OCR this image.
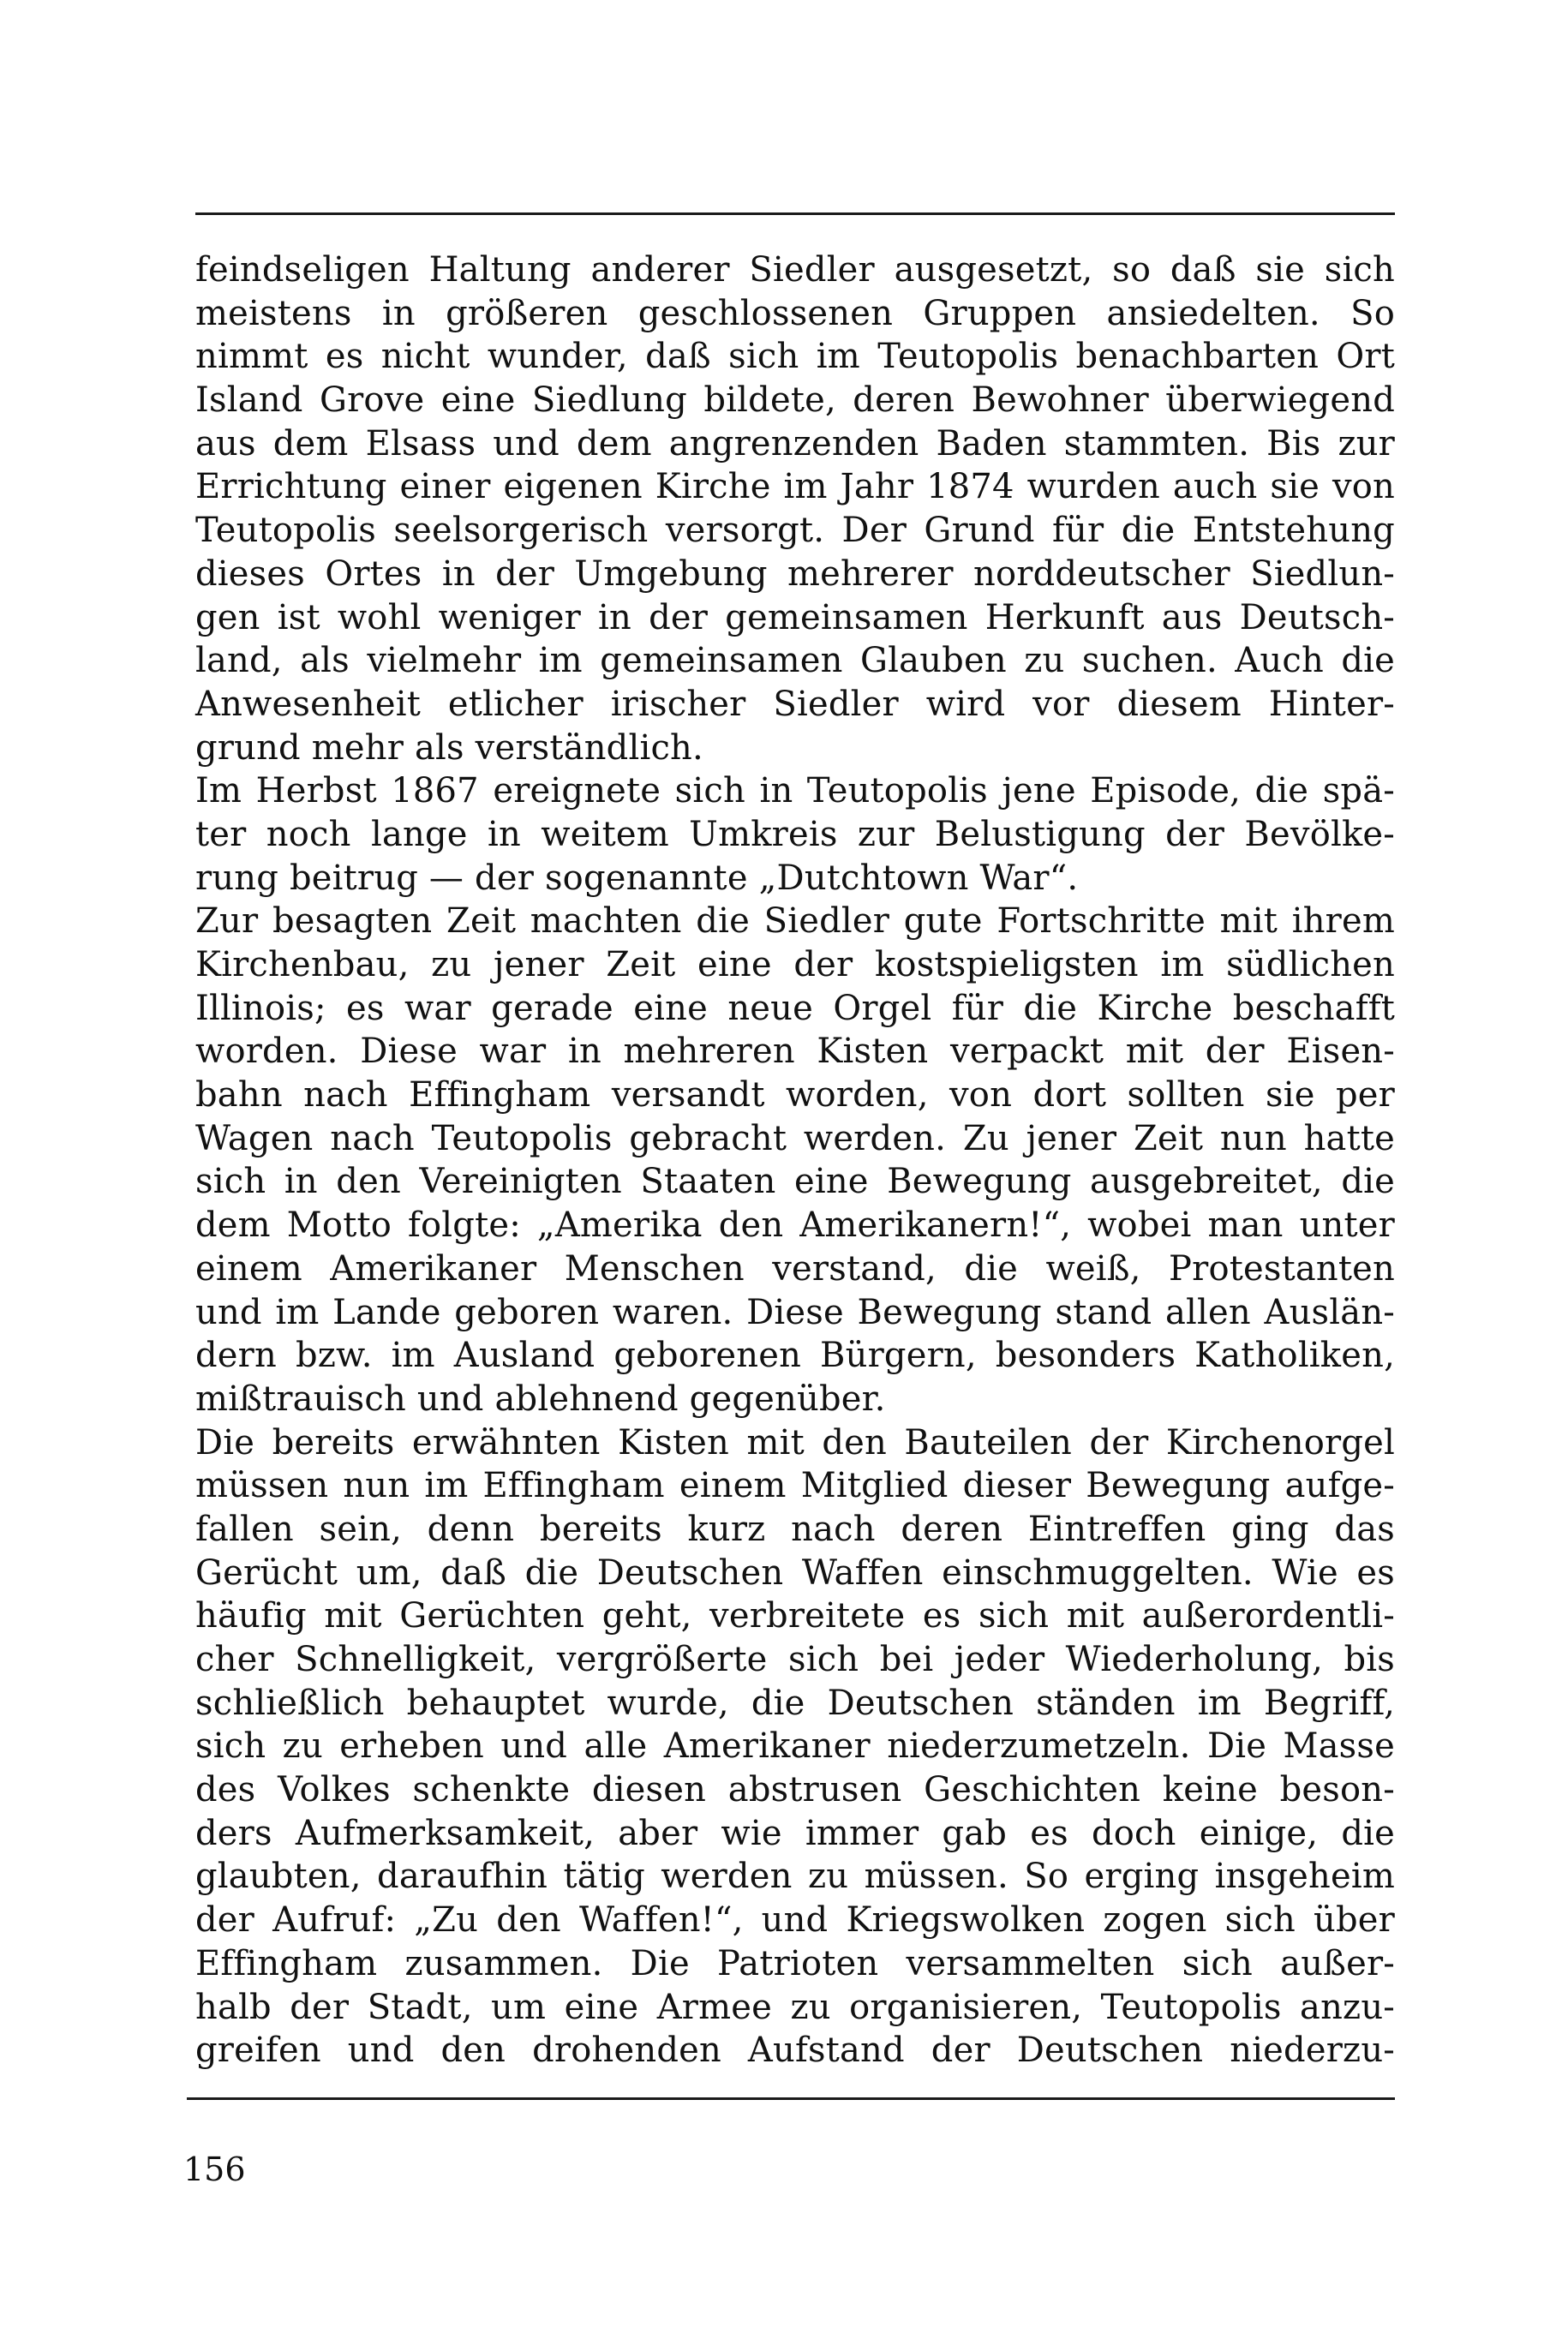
feindseligen Haltung anderer Siedler ausgesetzt, so daß sie sich
meistens in größeren geschlossenen Gruppen ansiedelten. So
nimmt es nicht wunder, daß sich im Teutopolis benachbarten Ort
Island Grove eine Siedlung bildete, deren Bewohner überwiegend
aus dem Elsass und dem angrenzenden Baden stammten. Bis zur
Errichtung einer eigenen Kirche im Jahr 1874 wurden auch sie von
Teutopolis seelsorgerisch versorgt. Der Grund für die Entstehung
dieses Ortes in der Umgebung mehrerer norddeutscher Siedlun-
gen ist wohl weniger in der gemeinsamen Herkunft aus Deutsch-
land, als vielmehr im gemeinsamen Glauben zu suchen. Auch die
Anwesenheit etlicher irischer Siedler wird vor diesem Hinter-
grund mehr als verständlich.
Im Herbst 1867 ereignete sich in Teutopolis jene Episode, die spä-
ter noch lange in weitem Umkreis zur Belustigung der Bevölke-
rung beitrug — der sogenannte „Dutchtown War“.
Zur besagten Zeit machten die Siedler gute Fortschritte mit ihrem
Kirchenbau, zu jener Zeit eine der kostspieligsten im südlichen
Illinois; es war gerade eine neue Orgel für die Kirche beschafft
worden. Diese war in mehreren Kisten verpackt mit der Eisen-
bahn nach Effingham versandt worden, von dort sollten sie per
Wagen nach Teutopolis gebracht werden. Zu jener Zeit nun hatte
sich in den Vereinigten Staaten eine Bewegung ausgebreitet, die
dem Motto folgte: „Amerika den Amerikanern!“, wobei man unter
einem Amerikaner Menschen verstand, die weiß, Protestanten
und im Lande geboren waren. Diese Bewegung stand allen Auslän-
dern bzw. im Ausland geborenen Bürgern, besonders Katholiken,
mißtrauisch und ablehnend gegenüber.
Die bereits erwähnten Kisten mit den Bauteilen der Kirchenorgel
müssen nun im Effingham einem Mitglied dieser Bewegung aufge-
fallen sein, denn bereits kurz nach deren Eintreffen ging das
Gerücht um, daß die Deutschen Waffen einschmuggelten. Wie es
häufig mit Gerüchten geht, verbreitete es sich mit außerordentli-
cher Schnelligkeit, vergrößerte sich bei jeder Wiederholung, bis
schließlich behauptet wurde, die Deutschen ständen im Begriff,
sich zu erheben und alle Amerikaner niederzumetzeln. Die Masse
des Volkes schenkte diesen abstrusen Geschichten keine beson-
ders Aufmerksamkeit, aber wie immer gab es doch einige, die
glaubten, daraufhin tätig werden zu müssen. So erging insgeheim
der Aufruf: „Zu den Waffen!“, und Kriegswolken zogen sich über
Effingham zusammen. Die Patrioten versammelten sich außer-
halb der Stadt, um eine Armee zu organisieren, Teutopolis anzu-
greifen und den drohenden Aufstand der Deutschen niederzu-
156
